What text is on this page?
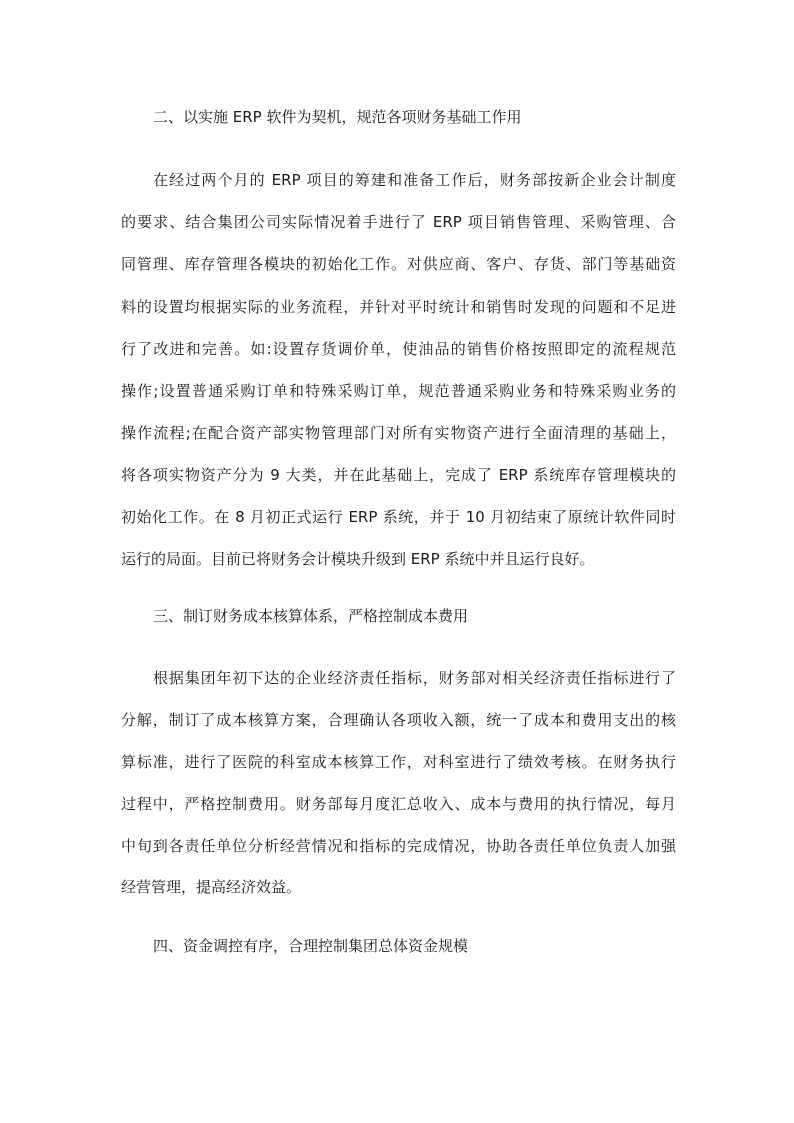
二、以实施 ERP 软件为契机，规范各项财务基础工作用

在经过两个月的 ERP 项目的筹建和准备工作后，财务部按新企业会计制度

的要求、结合集团公司实际情况着手进行了 ERP 项目销售管理、采购管理、合

同管理、库存管理各模块的初始化工作。对供应商、客户、存货、部门等基础资

料的设置均根据实际的业务流程，并针对平时统计和销售时发现的问题和不足进

行了改进和完善。如:设置存货调价单，使油品的销售价格按照即定的流程规范

操作;设置普通采购订单和特殊采购订单，规范普通采购业务和特殊采购业务的

操作流程;在配合资产部实物管理部门对所有实物资产进行全面清理的基础上，

将各项实物资产分为 9 大类，并在此基础上，完成了 ERP 系统库存管理模块的

初始化工作。在 8 月初正式运行 ERP 系统，并于 10 月初结束了原统计软件同时

运行的局面。目前已将财务会计模块升级到 ERP 系统中并且运行良好。

三、制订财务成本核算体系，严格控制成本费用

根据集团年初下达的企业经济责任指标，财务部对相关经济责任指标进行了

分解，制订了成本核算方案，合理确认各项收入额，统一了成本和费用支出的核

算标准，进行了医院的科室成本核算工作，对科室进行了绩效考核。在财务执行

过程中，严格控制费用。财务部每月度汇总收入、成本与费用的执行情况，每月

中旬到各责任单位分析经营情况和指标的完成情况，协助各责任单位负责人加强

经营管理，提高经济效益。

四、资金调控有序，合理控制集团总体资金规模
